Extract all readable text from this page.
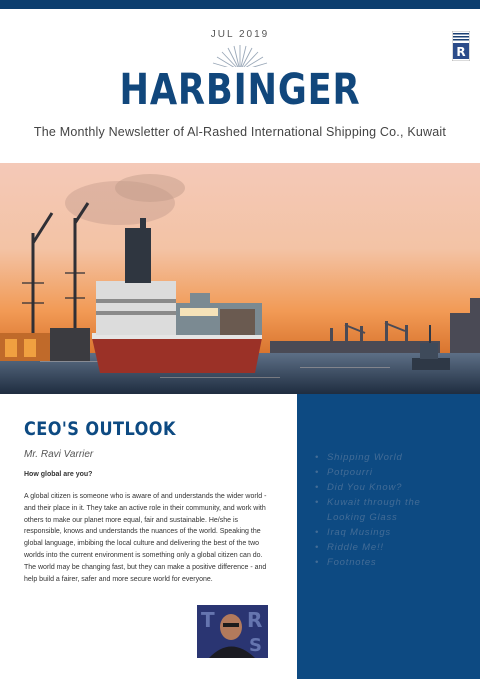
JUL 2019
R
HARBINGER
The Monthly Newsletter of Al-Rashed International Shipping Co., Kuwait
CEO'S OUTLOOK
Mr. Ravi Varrier
How global are you?

A global citizen is someone who is aware of and understands the wider world - and their place in it. They take an active role in their community, and work with others to make our planet more equal, fair and sustainable. He/she is responsible, knows and understands the nuances of the world. Speaking the global language, imbibing the local culture and delivering the best of the two worlds into the current environment is something only a global citizen can do.

The world may be changing fast, but they can make a positive difference - and help build a fairer, safer and more secure world for everyone.

T R
S
• Shipping World
• Potpourri
• Did You Know?
• Kuwait through the Looking Glass
• Iraq Musings
• Riddle Me!!
• Footnotes
